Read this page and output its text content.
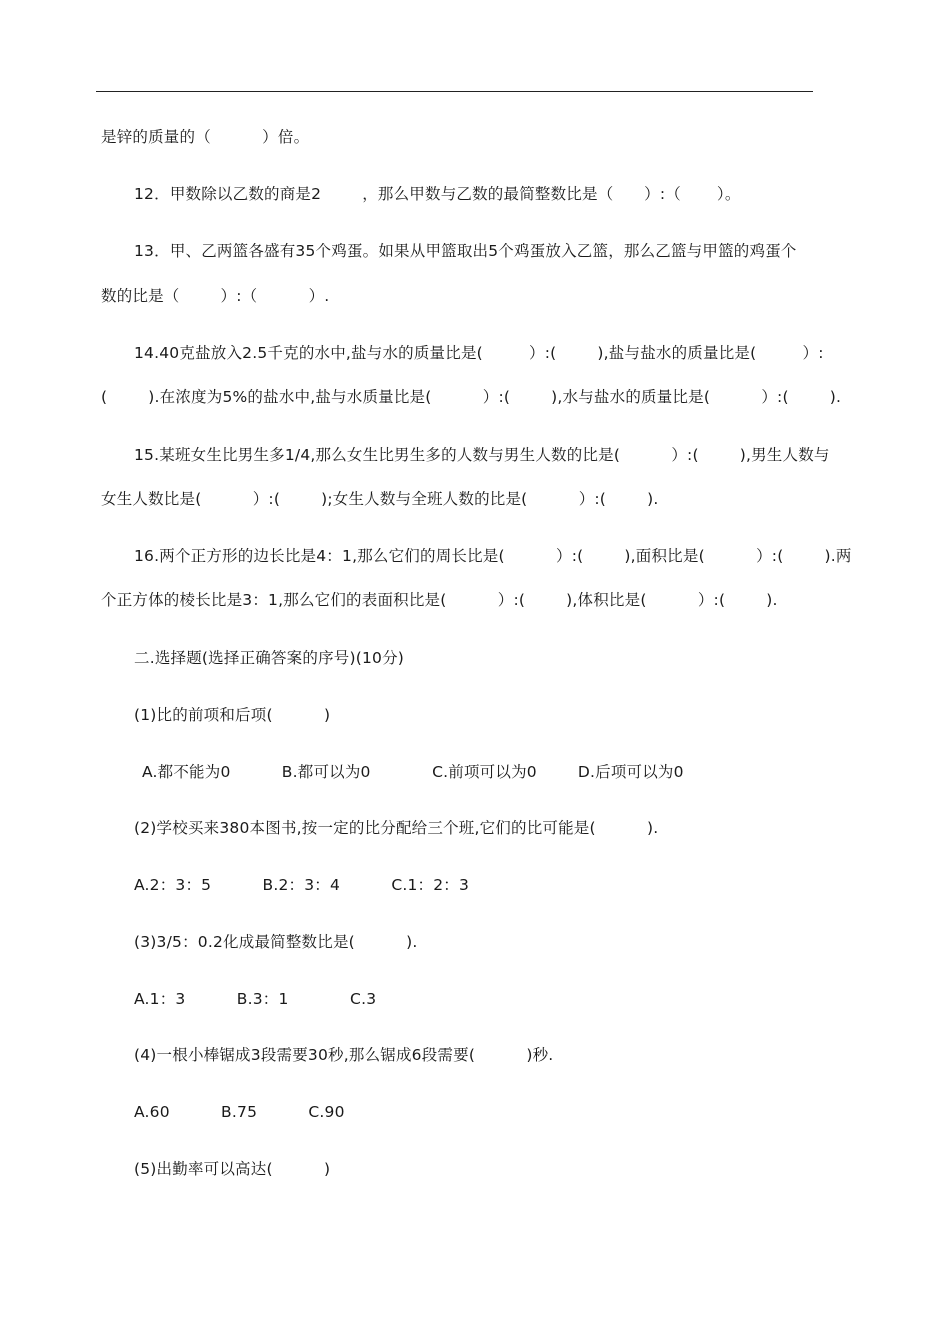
是锌的质量的（          ）倍。
12．甲数除以乙数的商是2        ，那么甲数与乙数的最简整数比是（      ）:（       ）。
13．甲、乙两篮各盛有35个鸡蛋。如果从甲篮取出5个鸡蛋放入乙篮，那么乙篮与甲篮的鸡蛋个
数的比是（        ）:（          ）.
14.40克盐放入2.5千克的水中,盐与水的质量比是(         ）:(        ),盐与盐水的质量比是(         ）:
(        ).在浓度为5%的盐水中,盐与水质量比是(          ）:(        ),水与盐水的质量比是(          ）:(        ).
15.某班女生比男生多1/4,那么女生比男生多的人数与男生人数的比是(          ）:(        ),男生人数与
女生人数比是(          ）:(        );女生人数与全班人数的比是(          ）:(        ).
16.两个正方形的边长比是4：1,那么它们的周长比是(          ）:(        ),面积比是(          ）:(        ).两
个正方体的棱长比是3：1,那么它们的表面积比是(          ）:(        ),体积比是(          ）:(        ).
二.选择题(选择正确答案的序号)(10分)
(1)比的前项和后项(          )
A.都不能为0          B.都可以为0            C.前项可以为0        D.后项可以为0
(2)学校买来380本图书,按一定的比分配给三个班,它们的比可能是(          ).
A.2：3：5          B.2：3：4          C.1：2：3
(3)3/5：0.2化成最简整数比是(          ).
A.1：3          B.3：1            C.3
(4)一根小棒锯成3段需要30秒,那么锯成6段需要(          )秒.
A.60          B.75          C.90
(5)出勤率可以高达(          )
